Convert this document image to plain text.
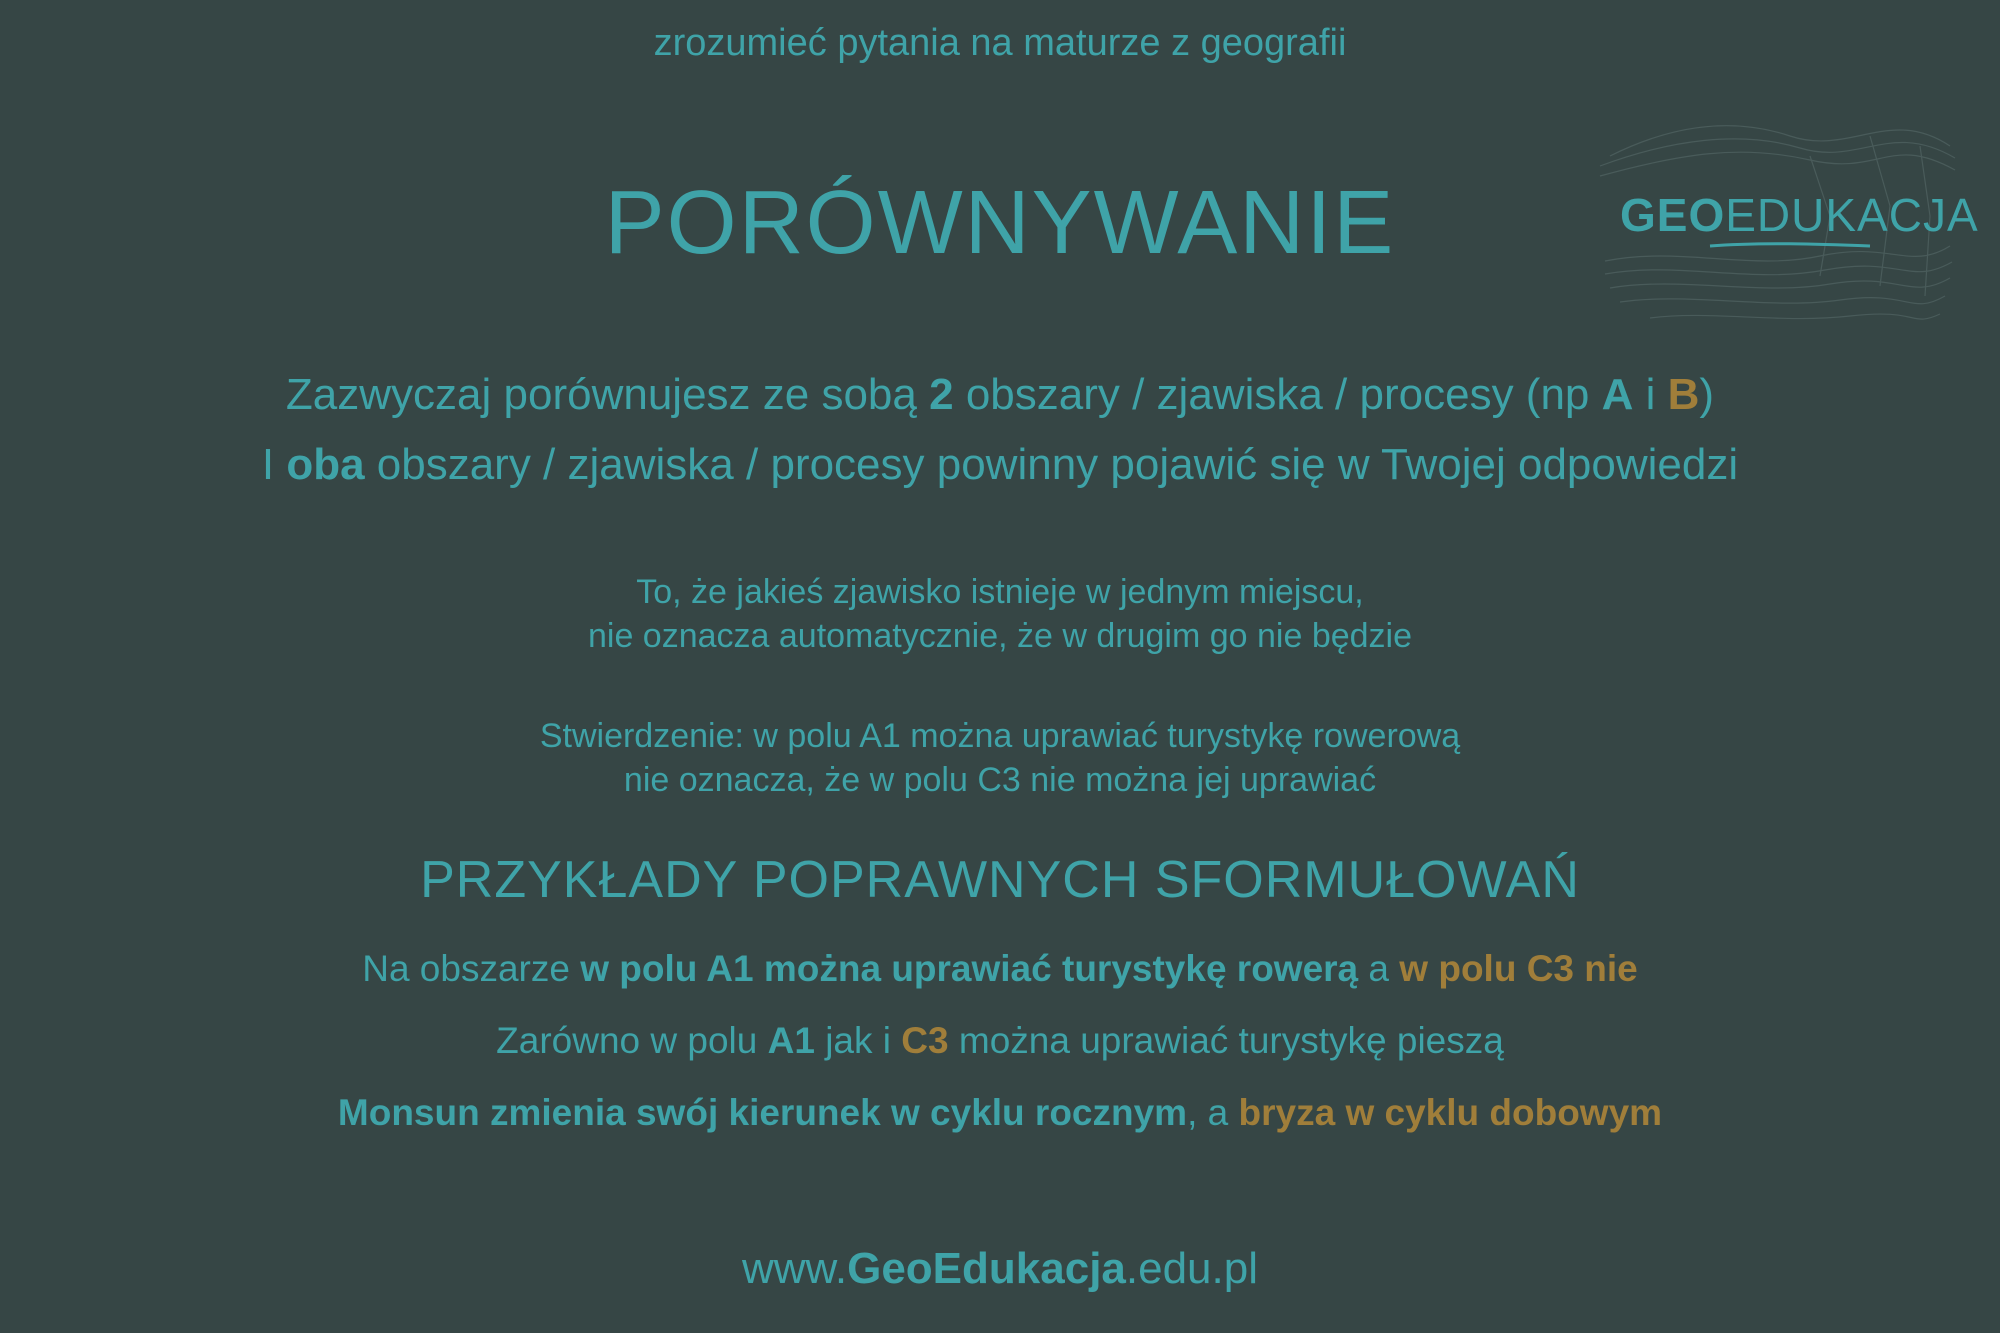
zrozumieć pytania na maturze z geografii
PORÓWNYWANIE	GEOEDUKACJA
Zazwyczaj porównujesz ze sobą 2 obszary / zjawiska / procesy (np A i B)
I oba obszary / zjawiska / procesy powinny pojawić się w Twojej odpowiedzi
To, że jakieś zjawisko istnieje w jednym miejscu,
nie oznacza automatycznie, że w drugim go nie będzie
Stwierdzenie: w polu A1 można uprawiać turystykę rowerową
nie oznacza, że w polu C3 nie można jej uprawiać
PRZYKŁADY POPRAWNYCH SFORMUŁOWAŃ
Na obszarze w polu A1 można uprawiać turystykę rowerą a w polu C3 nie
Zarówno w polu A1 jak i C3 można uprawiać turystykę pieszą
Monsun zmienia swój kierunek w cyklu rocznym, a bryza w cyklu dobowym
www.GeoEdukacja.edu.pl
